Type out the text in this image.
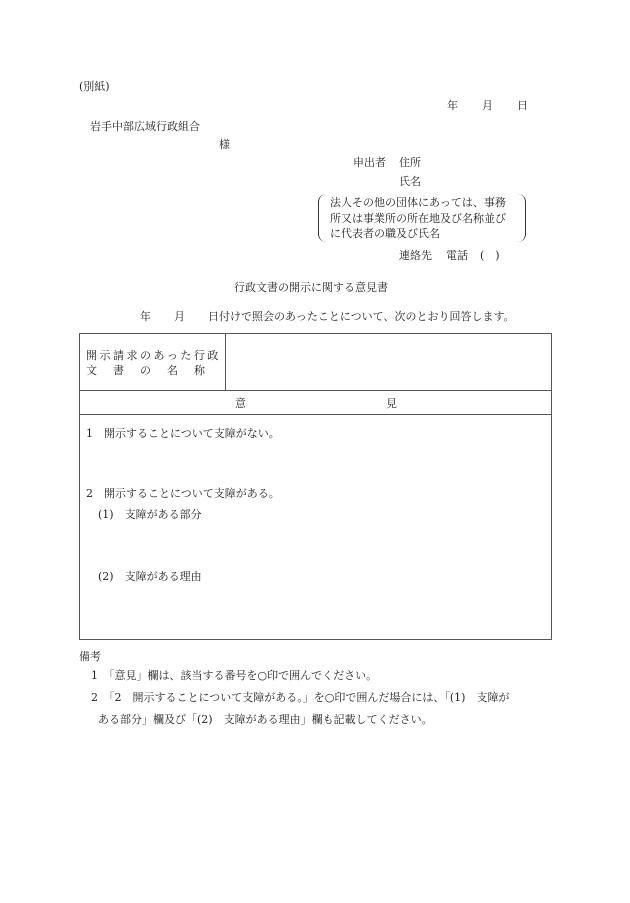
(別紙)
年 月 日
岩手中部広域行政組合
様
申出者 住所
氏名
法人その他の団体にあっては、事務
所又は事業所の所在地及び名称並び
に代表者の職及び氏名
連絡先 電話 (　)
行政文書の開示に関する意見書
年 月 日付けで照会のあったことについて、次のとおり回答します。
開示請求のあった行政
文　書　の　名　称
意	見
1　開示することについて支障がない。
2　開示することについて支障がある。
(1)　支障がある部分
(2)　支障がある理由
備考
1　「意見」欄は、該当する番号を○印で囲んでください。
2　「2　開示することについて支障がある。」を○印で囲んだ場合には、「(1)　支障が
ある部分」欄及び「(2)　支障がある理由」欄も記載してください。
